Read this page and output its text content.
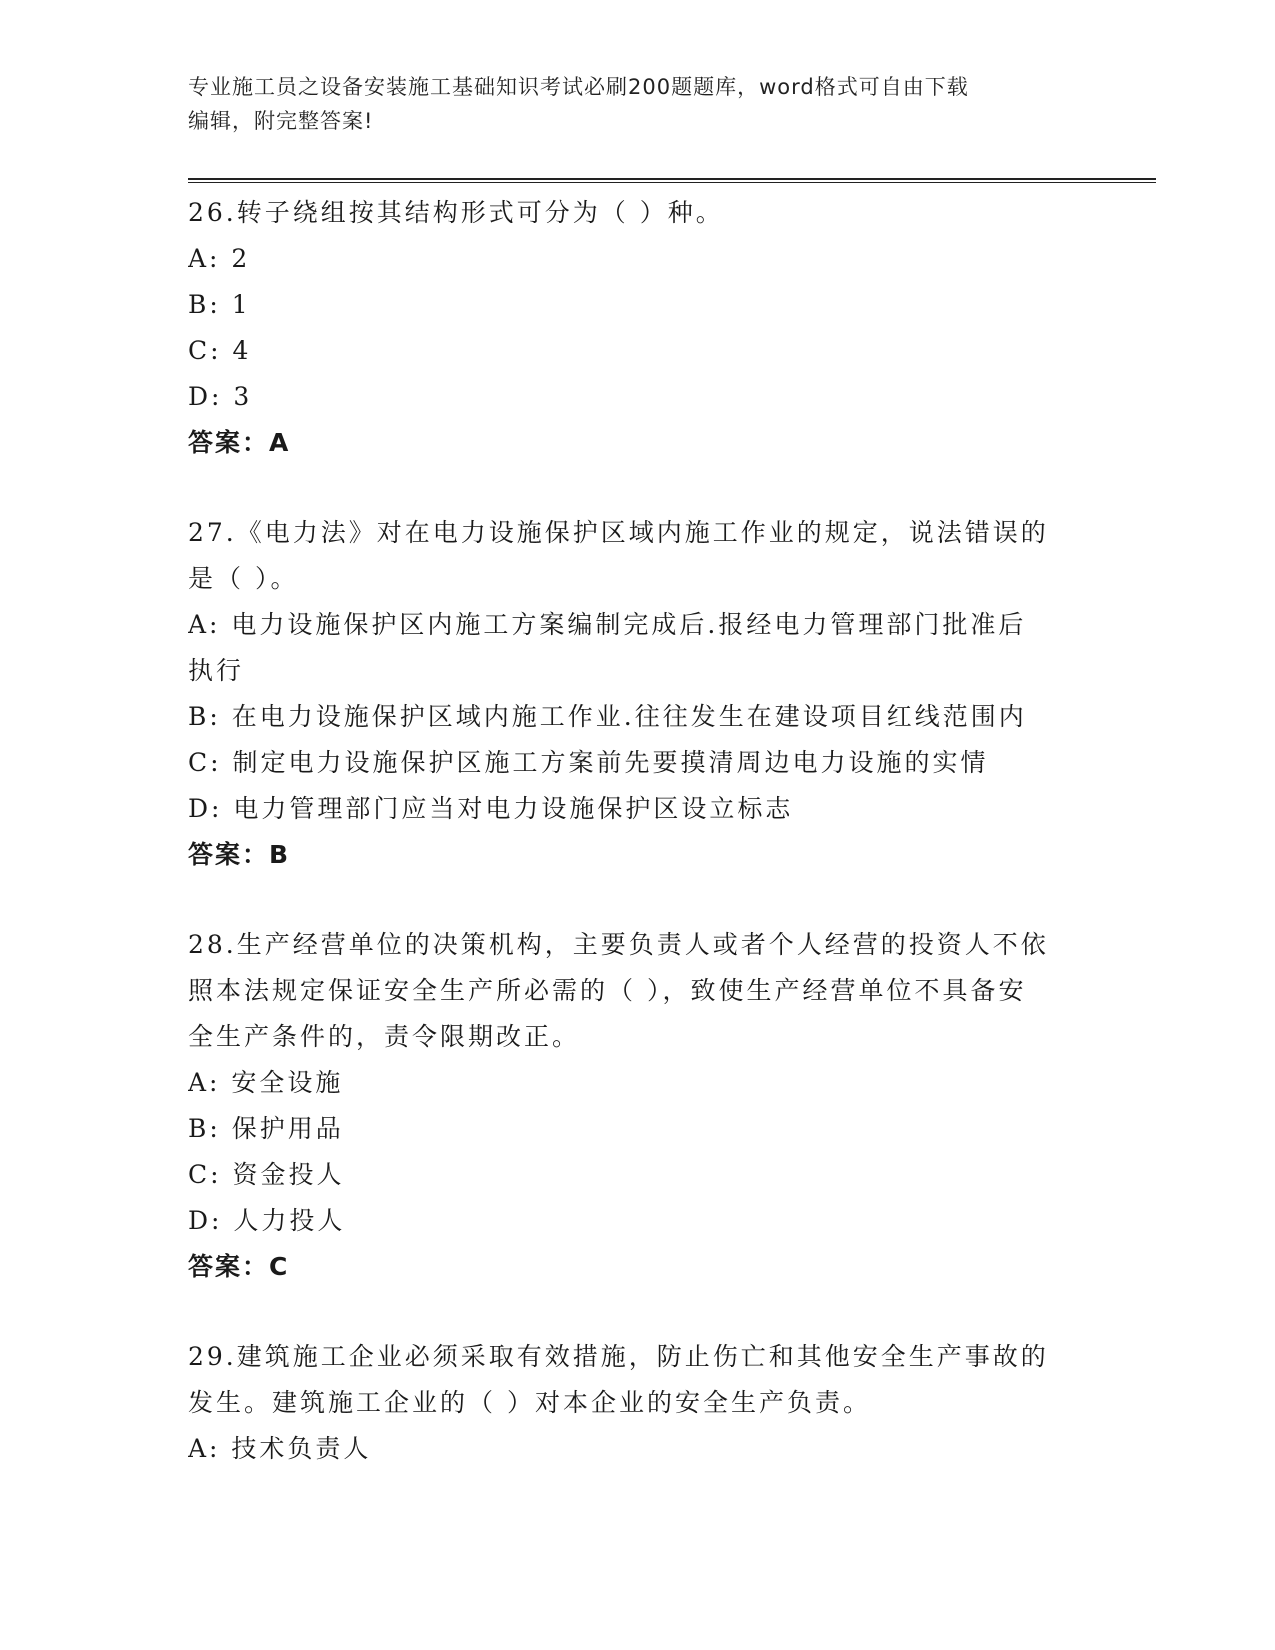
专业施工员之设备安装施工基础知识考试必刷200题题库，word格式可自由下载
编辑，附完整答案!
26.转子绕组按其结构形式可分为（ ）种。
A: 2
B: 1
C: 4
D: 3
答案：A
27.《电力法》对在电力设施保护区域内施工作业的规定，说法错误的
是（ ）。
A: 电力设施保护区内施工方案编制完成后.报经电力管理部门批准后
执行
B: 在电力设施保护区域内施工作业.往往发生在建设项目红线范围内
C: 制定电力设施保护区施工方案前先要摸清周边电力设施的实情
D: 电力管理部门应当对电力设施保护区设立标志
答案：B
28.生产经营单位的决策机构，主要负责人或者个人经营的投资人不依
照本法规定保证安全生产所必需的（ ），致使生产经营单位不具备安
全生产条件的，责令限期改正。
A: 安全设施
B: 保护用品
C: 资金投人
D: 人力投人
答案：C
29.建筑施工企业必须采取有效措施，防止伤亡和其他安全生产事故的
发生。建筑施工企业的（ ）对本企业的安全生产负责。
A: 技术负责人
